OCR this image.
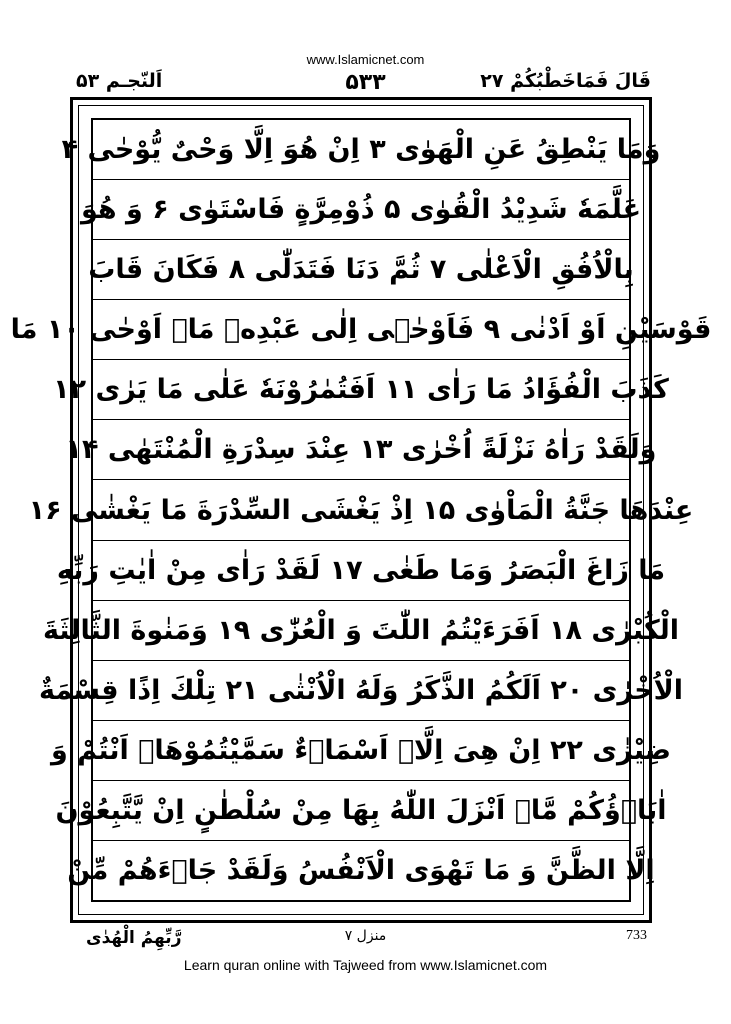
www.Islamicnet.com
اَلنّجـم ۵۳	۵۳۳	قَالَ فَمَاخَطْبُكُمْ ۲۷
وَمَا يَنْطِقُ عَنِ الْهَوٰى ۳ اِنْ هُوَ اِلَّا وَحْىٌ يُّوْحٰى ۴
عَلَّمَهٗ شَدِيْدُ الْقُوٰى ۵ ذُوْمِرَّةٍ فَاسْتَوٰى ۶ وَ هُوَ
بِالْاُفُقِ الْاَعْلٰى ۷ ثُمَّ دَنَا فَتَدَلّٰى ۸ فَكَانَ قَابَ
قَوْسَيْنِ اَوْ اَدْنٰى ۹ فَاَوْحٰۤى اِلٰى عَبْدِهٖ مَاۤ اَوْحٰى ۱۰ مَا
كَذَبَ الْفُؤَادُ مَا رَاٰى ۱۱ اَفَتُمٰرُوْنَهٗ عَلٰى مَا يَرٰى ۱۲
وَلَقَدْ رَاٰهُ نَزْلَةً اُخْرٰى ۱۳ عِنْدَ سِدْرَةِ الْمُنْتَهٰى ۱۴
عِنْدَهَا جَنَّةُ الْمَاْوٰى ۱۵ اِذْ يَغْشَى السِّدْرَةَ مَا يَغْشٰى ۱۶
مَا زَاغَ الْبَصَرُ وَمَا طَغٰى ۱۷ لَقَدْ رَاٰى مِنْ اٰيٰتِ رَبِّهِ
الْكُبْرٰى ۱۸ اَفَرَءَيْتُمُ اللّٰتَ وَ الْعُزّٰى ۱۹ وَمَنٰوةَ الثَّالِثَةَ
الْاُخْرٰى ۲۰ اَلَكُمُ الذَّكَرُ وَلَهُ الْاُنْثٰى ۲۱ تِلْكَ اِذًا قِسْمَةٌ
ضِيْزٰى ۲۲ اِنْ هِىَ اِلَّاۤ اَسْمَاۤءٌ سَمَّيْتُمُوْهَاۤ اَنْتُمْ وَ
اٰبَاۤؤُكُمْ مَّاۤ اَنْزَلَ اللّٰهُ بِهَا مِنْ سُلْطٰنٍ اِنْ يَّتَّبِعُوْنَ
اِلَّا الظَّنَّ وَ مَا تَهْوَى الْاَنْفُسُ وَلَقَدْ جَاۤءَهُمْ مِّنْ
رَّبِّهِمُ الْهُدٰى	منزل ۷	733
Learn quran online with Tajweed from www.Islamicnet.com
